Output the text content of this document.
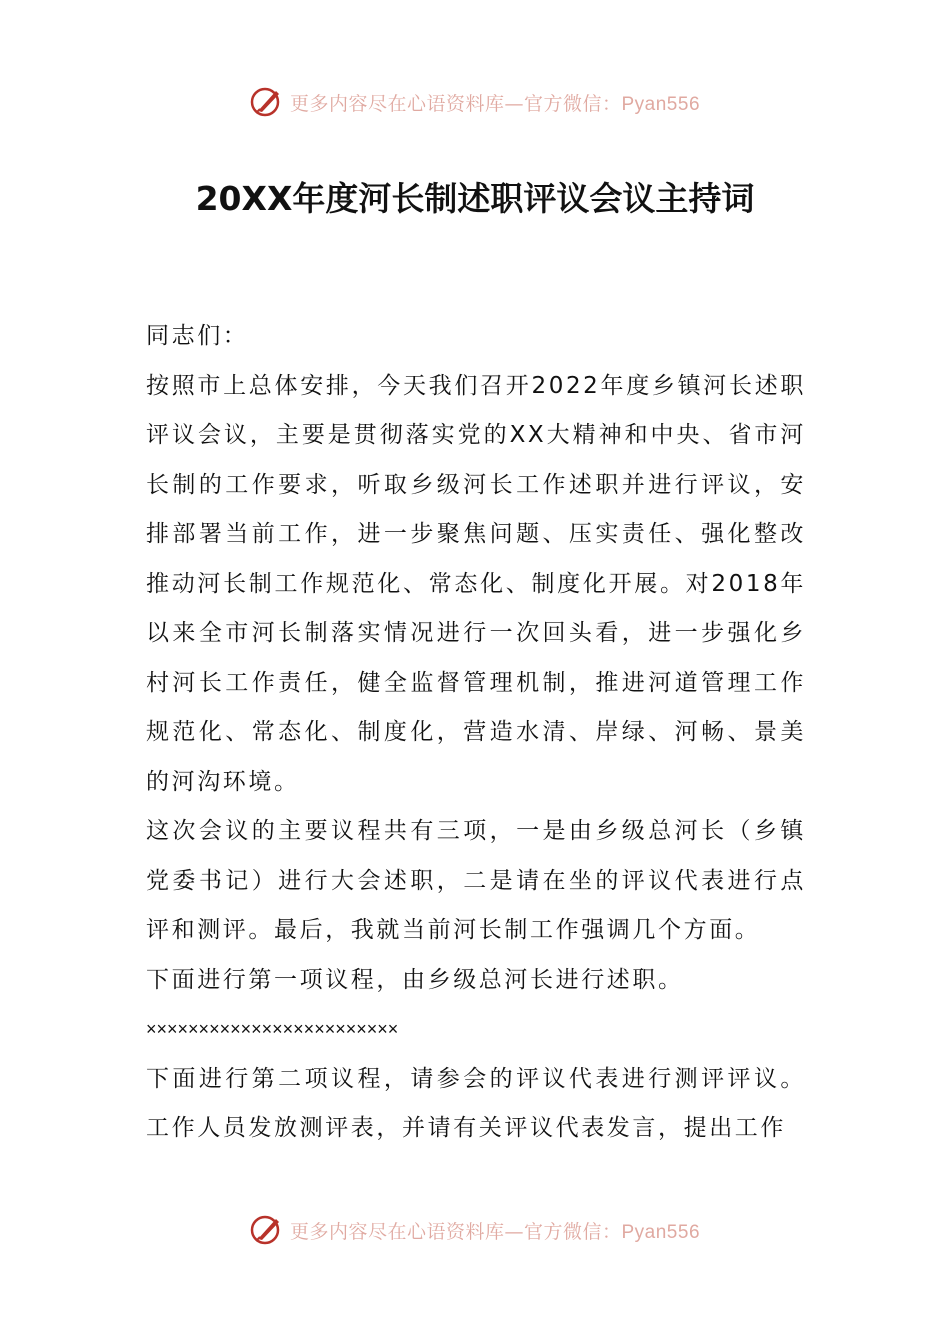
更多内容尽在心语资料库—官方微信：Pyan556
20XX年度河长制述职评议会议主持词

同志们：

按照市上总体安排，今天我们召开2022年度乡镇河长述职评议会议，主要是贯彻落实党的XX大精神和中央、省市河长制的工作要求，听取乡级河长工作述职并进行评议，安排部署当前工作，进一步聚焦问题、压实责任、强化整改推动河长制工作规范化、常态化、制度化开展。对2018年以来全市河长制落实情况进行一次回头看，进一步强化乡村河长工作责任，健全监督管理机制，推进河道管理工作规范化、常态化、制度化，营造水清、岸绿、河畅、景美的河沟环境。

这次会议的主要议程共有三项，一是由乡级总河长（乡镇党委书记）进行大会述职，二是请在坐的评议代表进行点评和测评。最后，我就当前河长制工作强调几个方面。

下面进行第一项议程，由乡级总河长进行述职。

××××××××××××××××××××××××

下面进行第二项议程，请参会的评议代表进行测评评议。工作人员发放测评表，并请有关评议代表发言，提出工作

更多内容尽在心语资料库—官方微信：Pyan556
